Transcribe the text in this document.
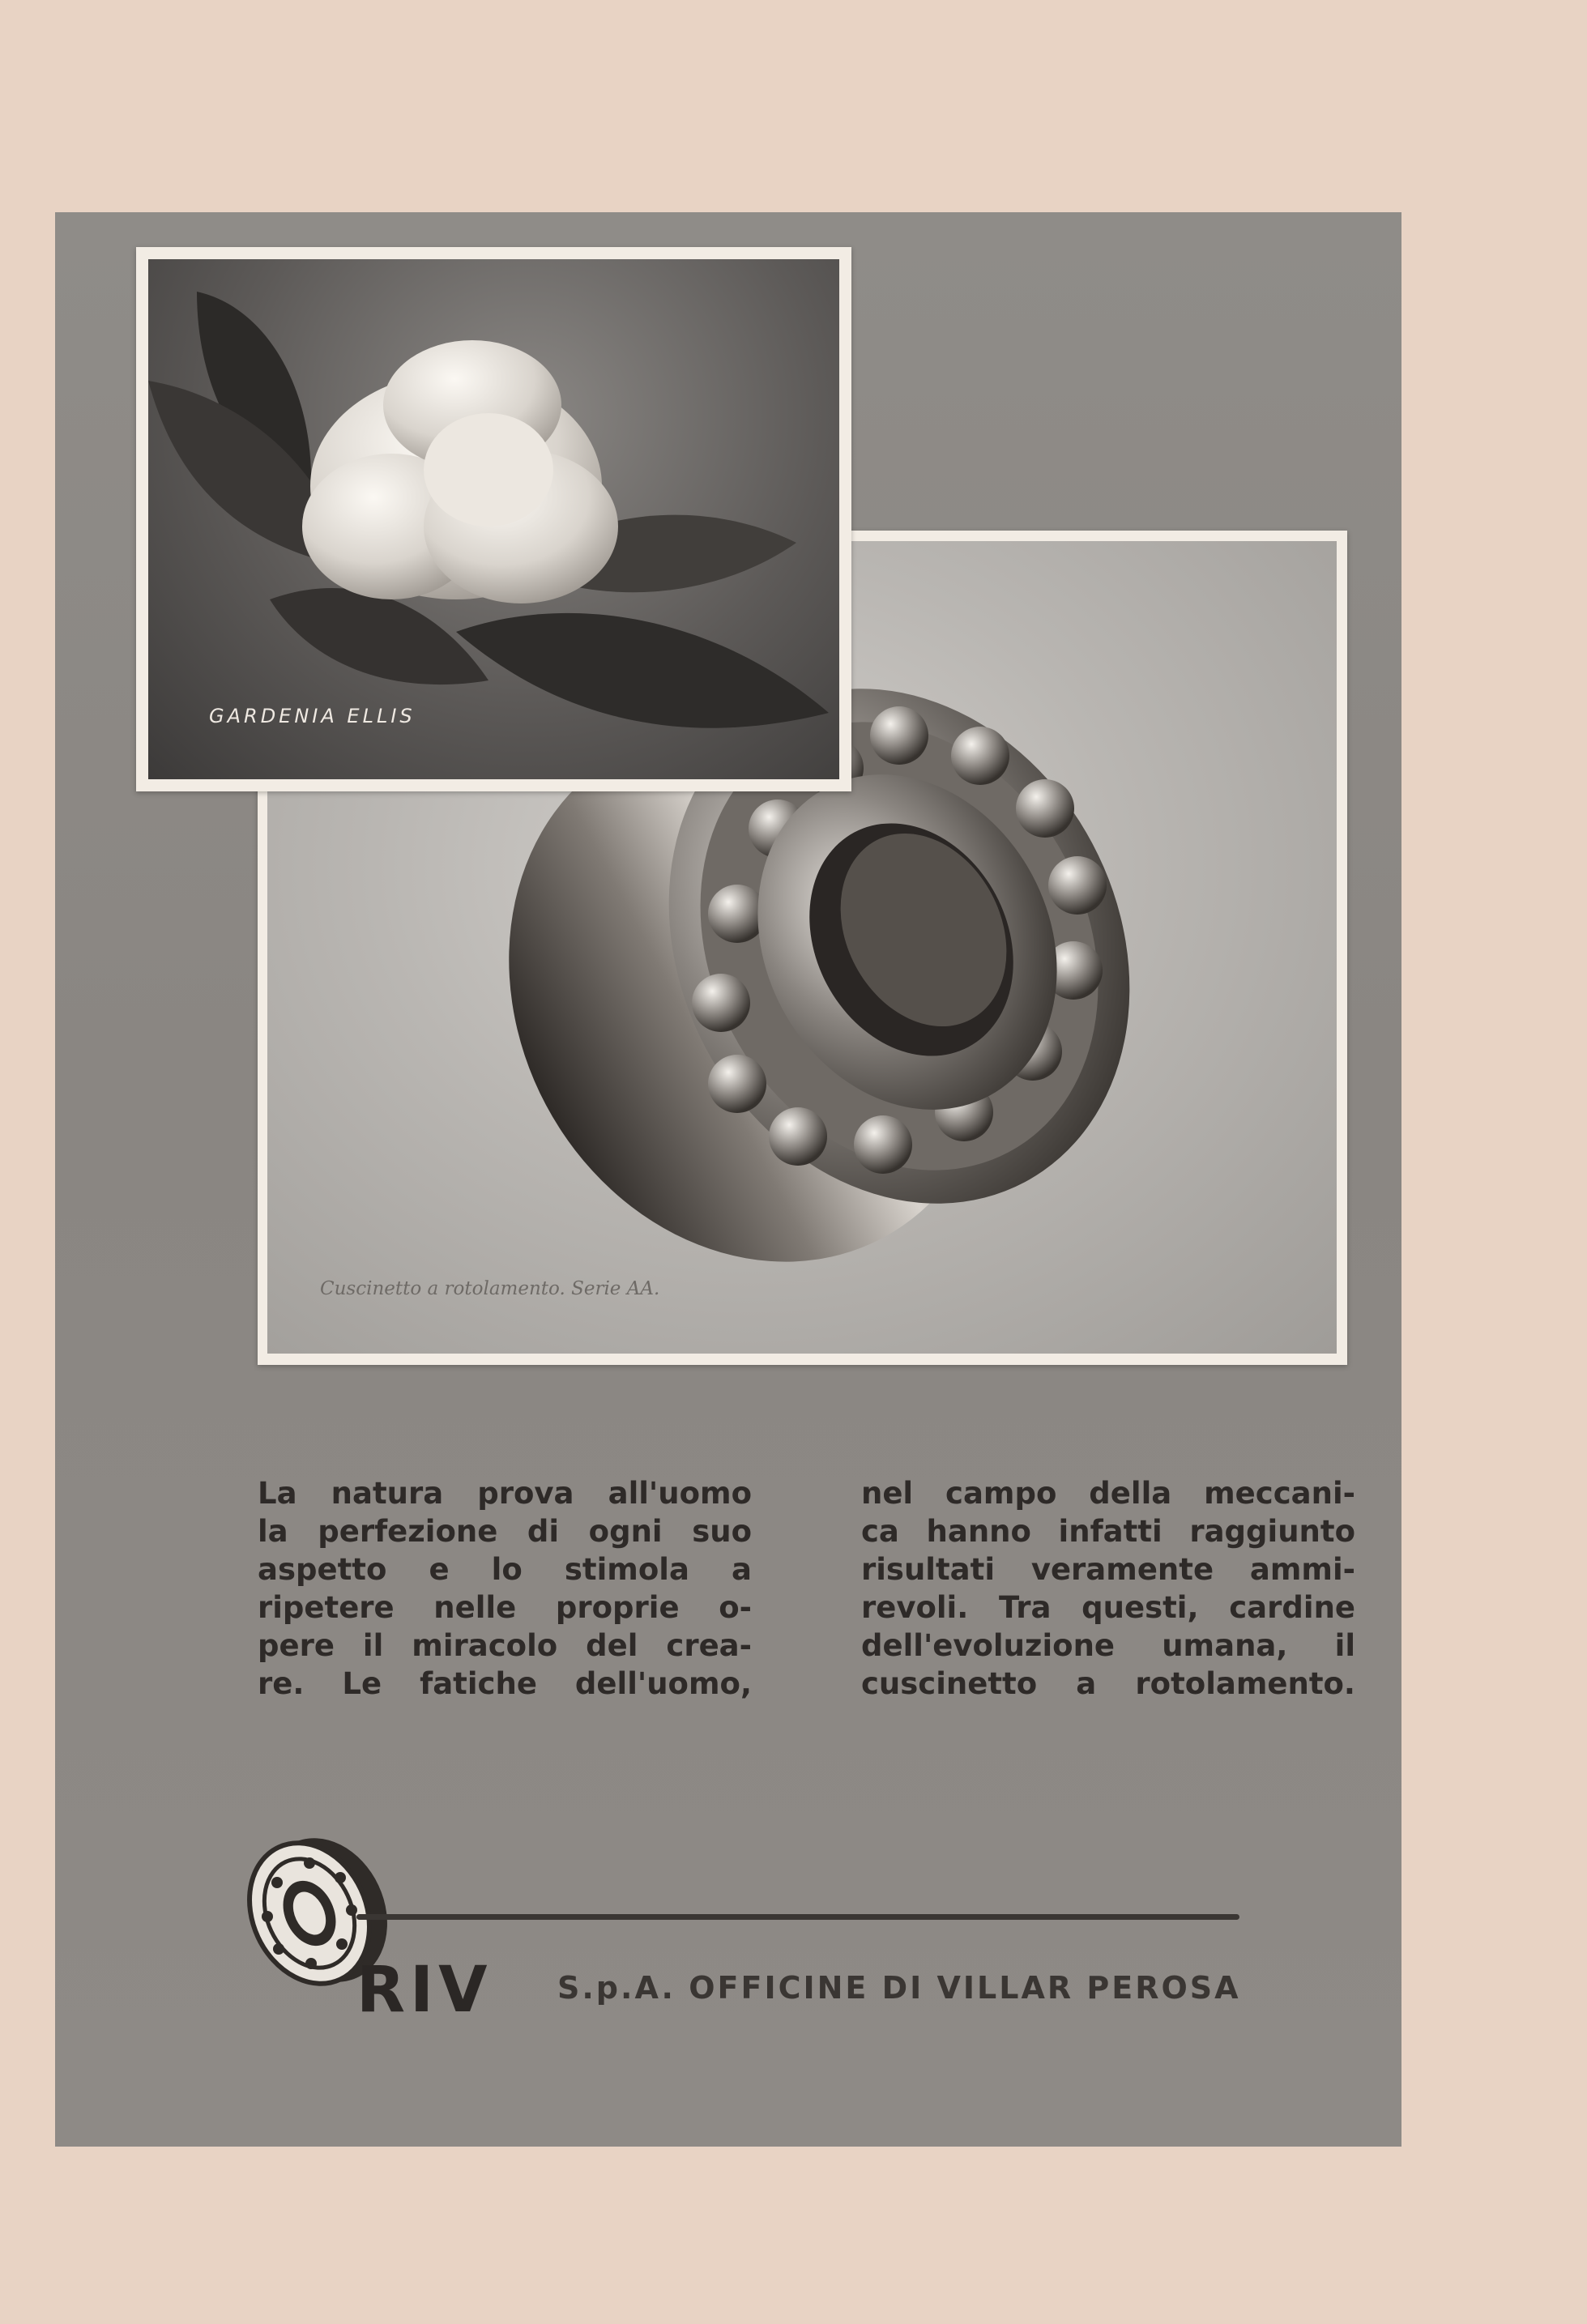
Cuscinetto a rotolamento. Serie AA.
GARDENIA ELLIS
La natura prova all'uomo
la perfezione di ogni suo
aspetto e lo stimola a
ripetere nelle proprie o-
pere il miracolo del crea-
re. Le fatiche dell'uomo,
nel campo della meccani-
ca hanno infatti raggiunto
risultati veramente ammi-
revoli. Tra questi, cardine
dell'evoluzione umana, il
cuscinetto a rotolamento.
RIV S.p.A. OFFICINE DI VILLAR PEROSA
